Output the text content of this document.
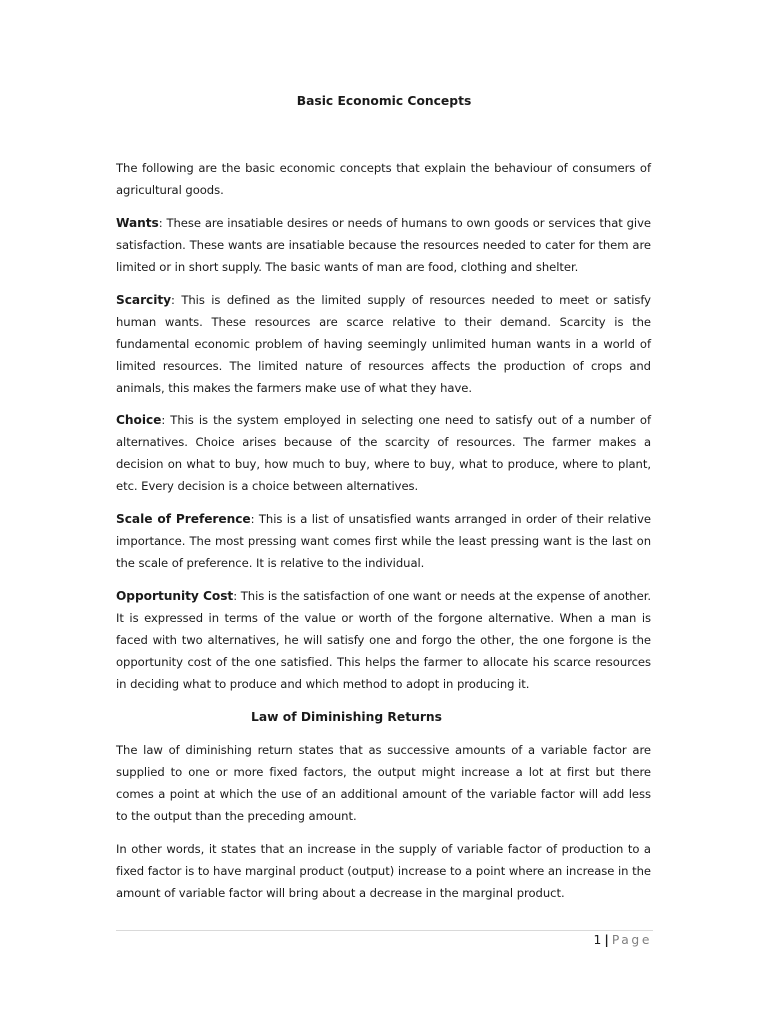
Basic Economic Concepts

The following are the basic economic concepts that explain the behaviour of consumers of agricultural goods.

Wants: These are insatiable desires or needs of humans to own goods or services that give satisfaction. These wants are insatiable because the resources needed to cater for them are limited or in short supply. The basic wants of man are food, clothing and shelter.

Scarcity: This is defined as the limited supply of resources needed to meet or satisfy human wants. These resources are scarce relative to their demand. Scarcity is the fundamental economic problem of having seemingly unlimited human wants in a world of limited resources. The limited nature of resources affects the production of crops and animals, this makes the farmers make use of what they have.

Choice: This is the system employed in selecting one need to satisfy out of a number of alternatives. Choice arises because of the scarcity of resources. The farmer makes a decision on what to buy, how much to buy, where to buy, what to produce, where to plant, etc. Every decision is a choice between alternatives.

Scale of Preference: This is a list of unsatisfied wants arranged in order of their relative importance. The most pressing want comes first while the least pressing want is the last on the scale of preference. It is relative to the individual.

Opportunity Cost: This is the satisfaction of one want or needs at the expense of another. It is expressed in terms of the value or worth of the forgone alternative. When a man is faced with two alternatives, he will satisfy one and forgo the other, the one forgone is the opportunity cost of the one satisfied. This helps the farmer to allocate his scarce resources in deciding what to produce and which method to adopt in producing it.

Law of Diminishing Returns

The law of diminishing return states that as successive amounts of a variable factor are supplied to one or more fixed factors, the output might increase a lot at first but there comes a point at which the use of an additional amount of the variable factor will add less to the output than the preceding amount.

In other words, it states that an increase in the supply of variable factor of production to a fixed factor is to have marginal product (output) increase to a point where an increase in the amount of variable factor will bring about a decrease in the marginal product.

1 | Page
